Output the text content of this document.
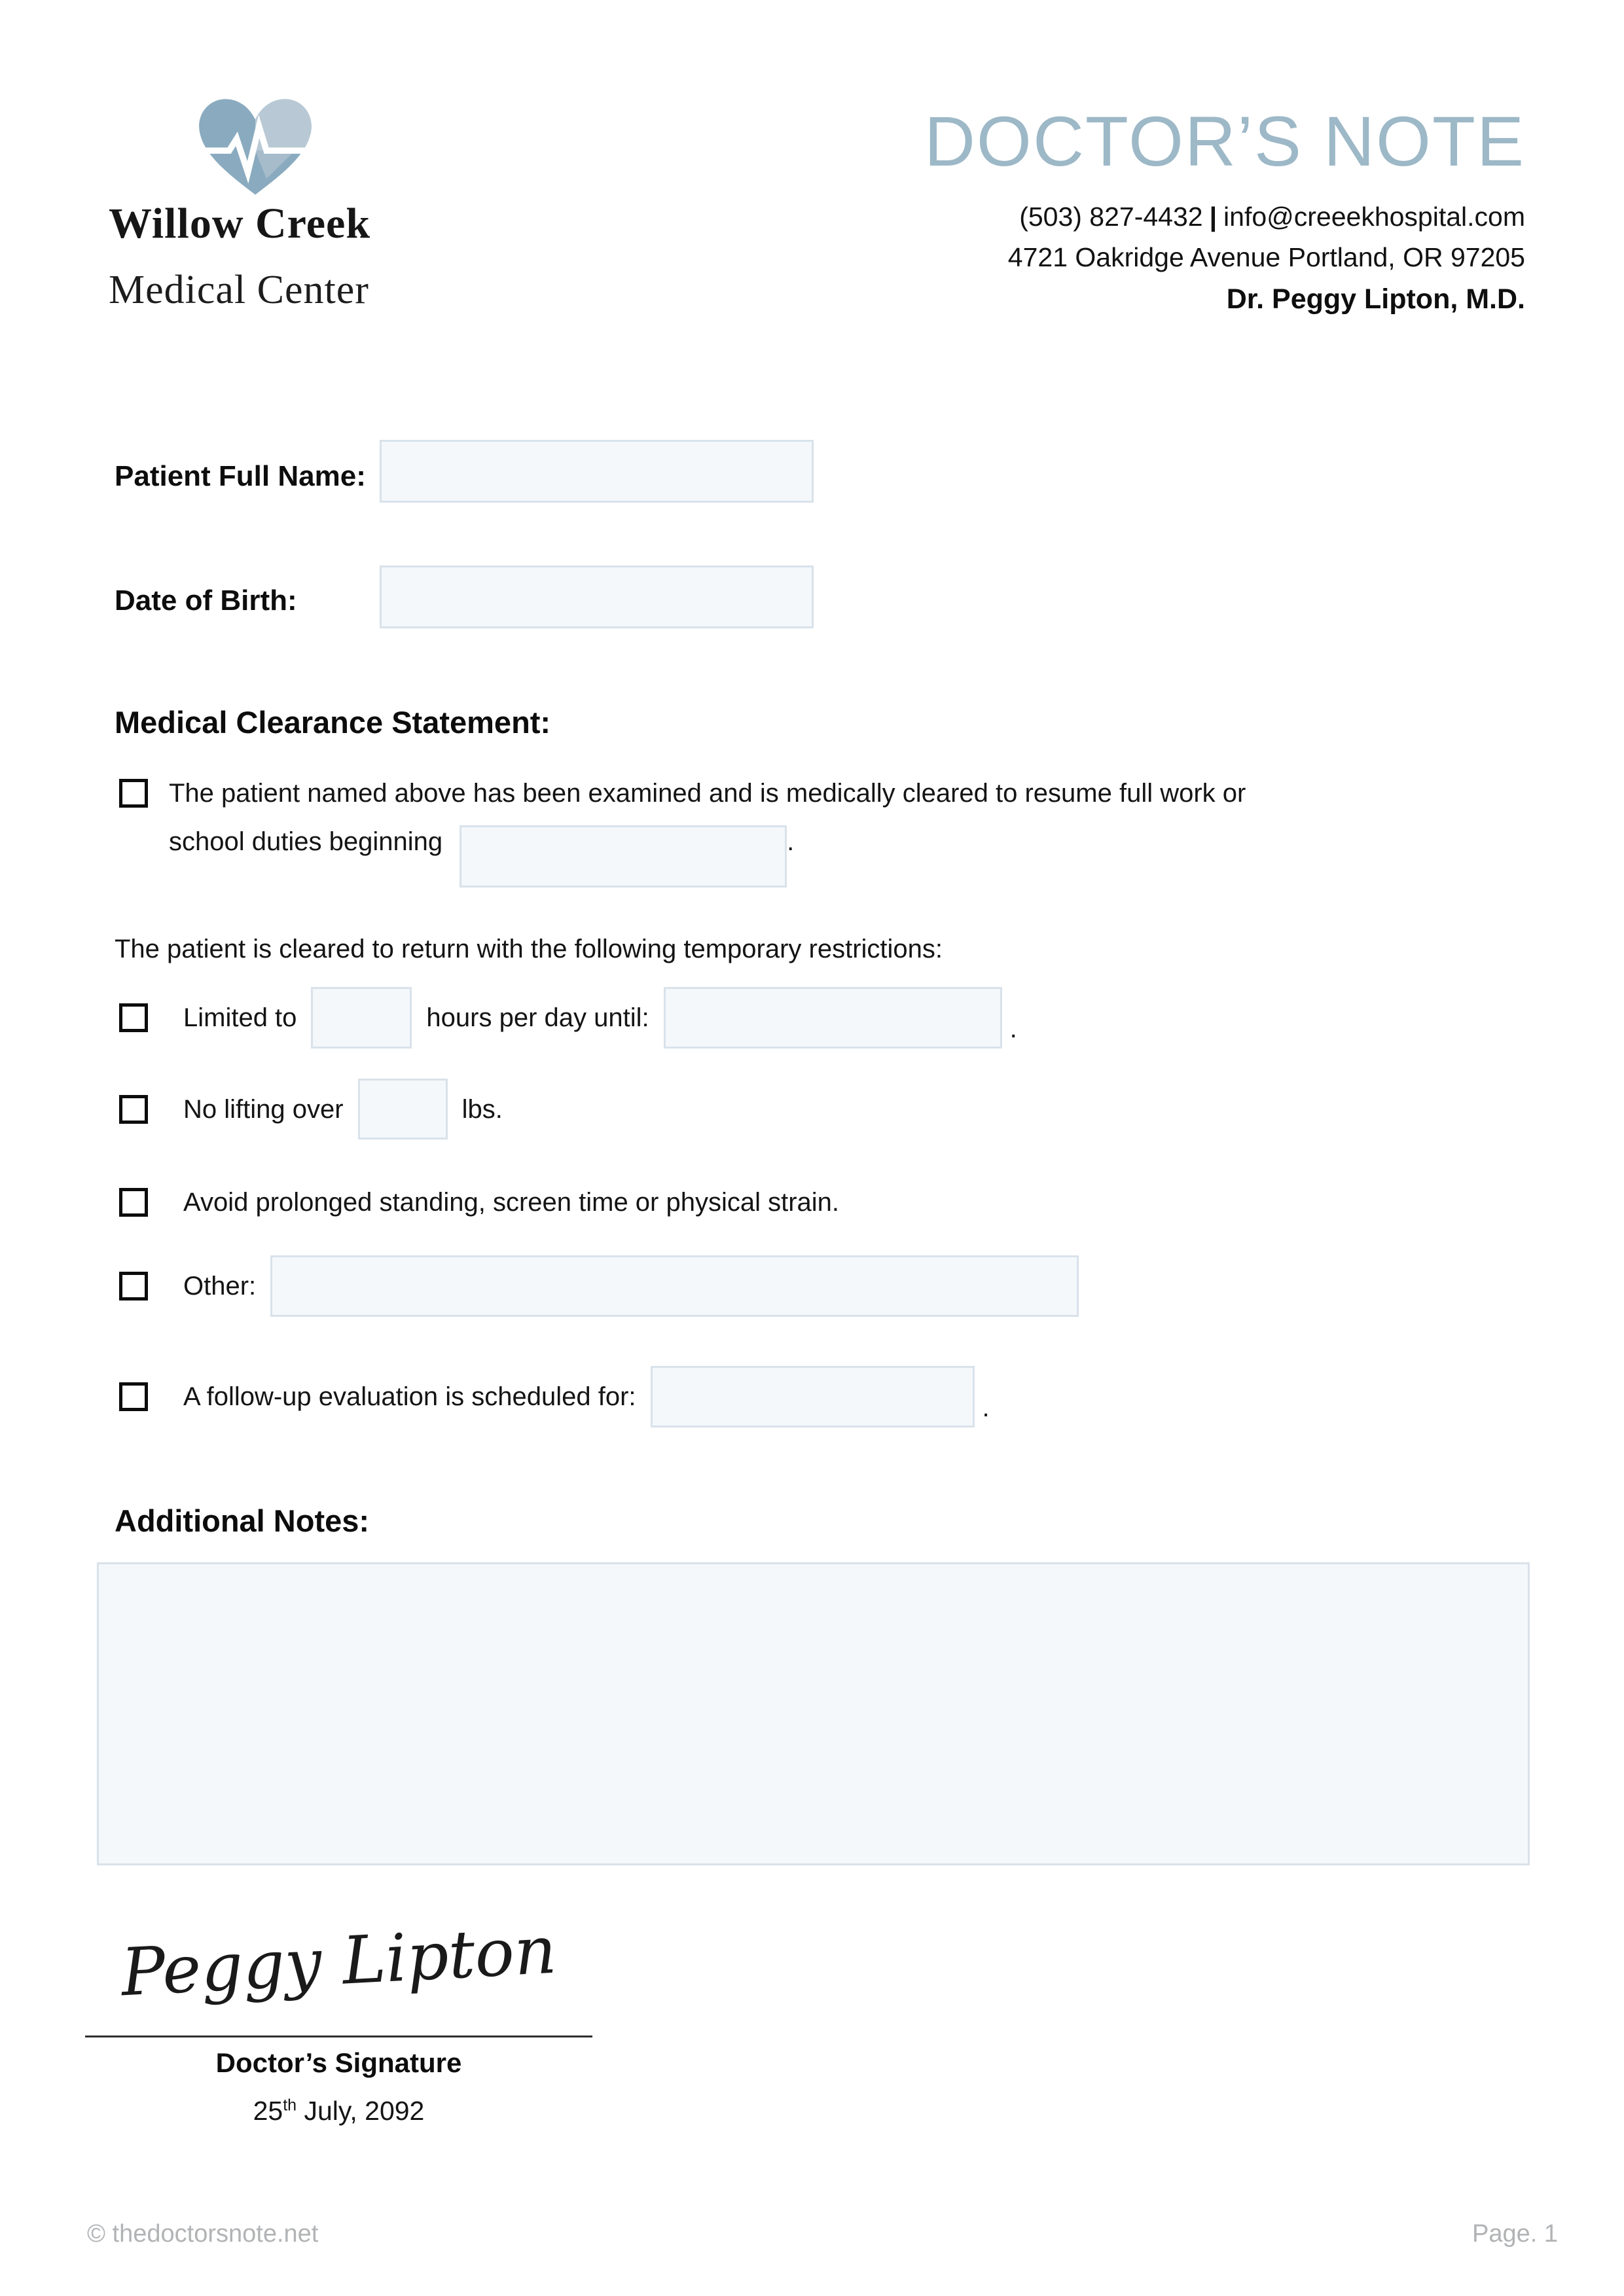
Willow Creek
Medical Center
DOCTOR’S NOTE
(503) 827-4432 | info@creeekhospital.com
4721 Oakridge Avenue Portland, OR 97205
Dr. Peggy Lipton, M.D.
Patient Full Name:
Date of Birth:
Medical Clearance Statement:
The patient named above has been examined and is medically cleared to resume full work or
school duties beginning	.
The patient is cleared to return with the following temporary restrictions:
Limited to	hours per day until:	.
No lifting over	lbs.
Avoid prolonged standing, screen time or physical strain.
Other:
A follow-up evaluation is scheduled for:	.
Additional Notes:
Peggy Lipton
Doctor’s Signature
25th July, 2092
© thedoctorsnote.net	Page. 1
